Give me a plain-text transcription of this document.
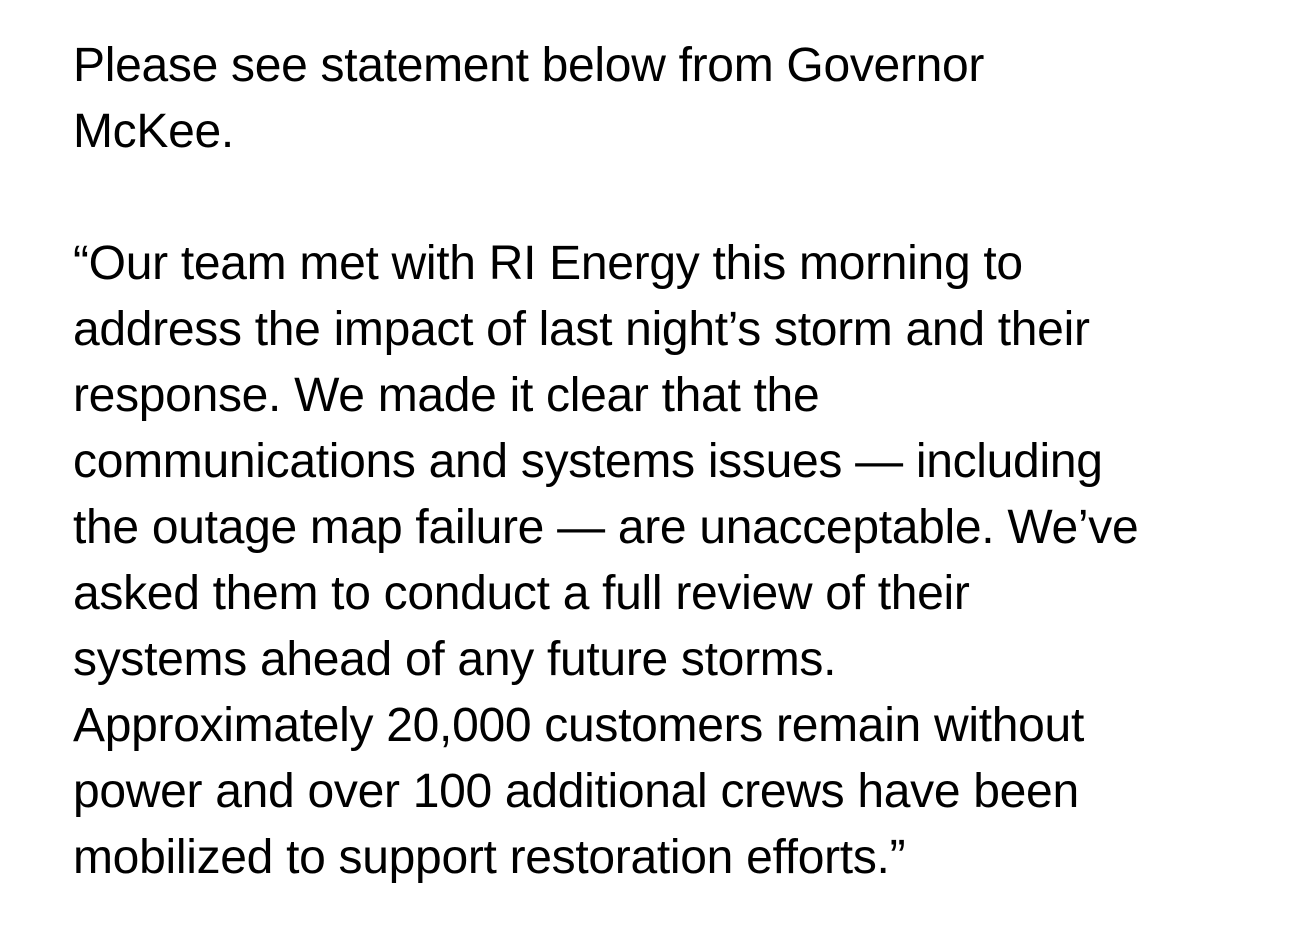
Please see statement below from Governor
McKee.

“Our team met with RI Energy this morning to
address the impact of last night’s storm and their
response. We made it clear that the
communications and systems issues — including
the outage map failure — are unacceptable. We’ve
asked them to conduct a full review of their
systems ahead of any future storms.
Approximately 20,000 customers remain without
power and over 100 additional crews have been
mobilized to support restoration efforts.”
